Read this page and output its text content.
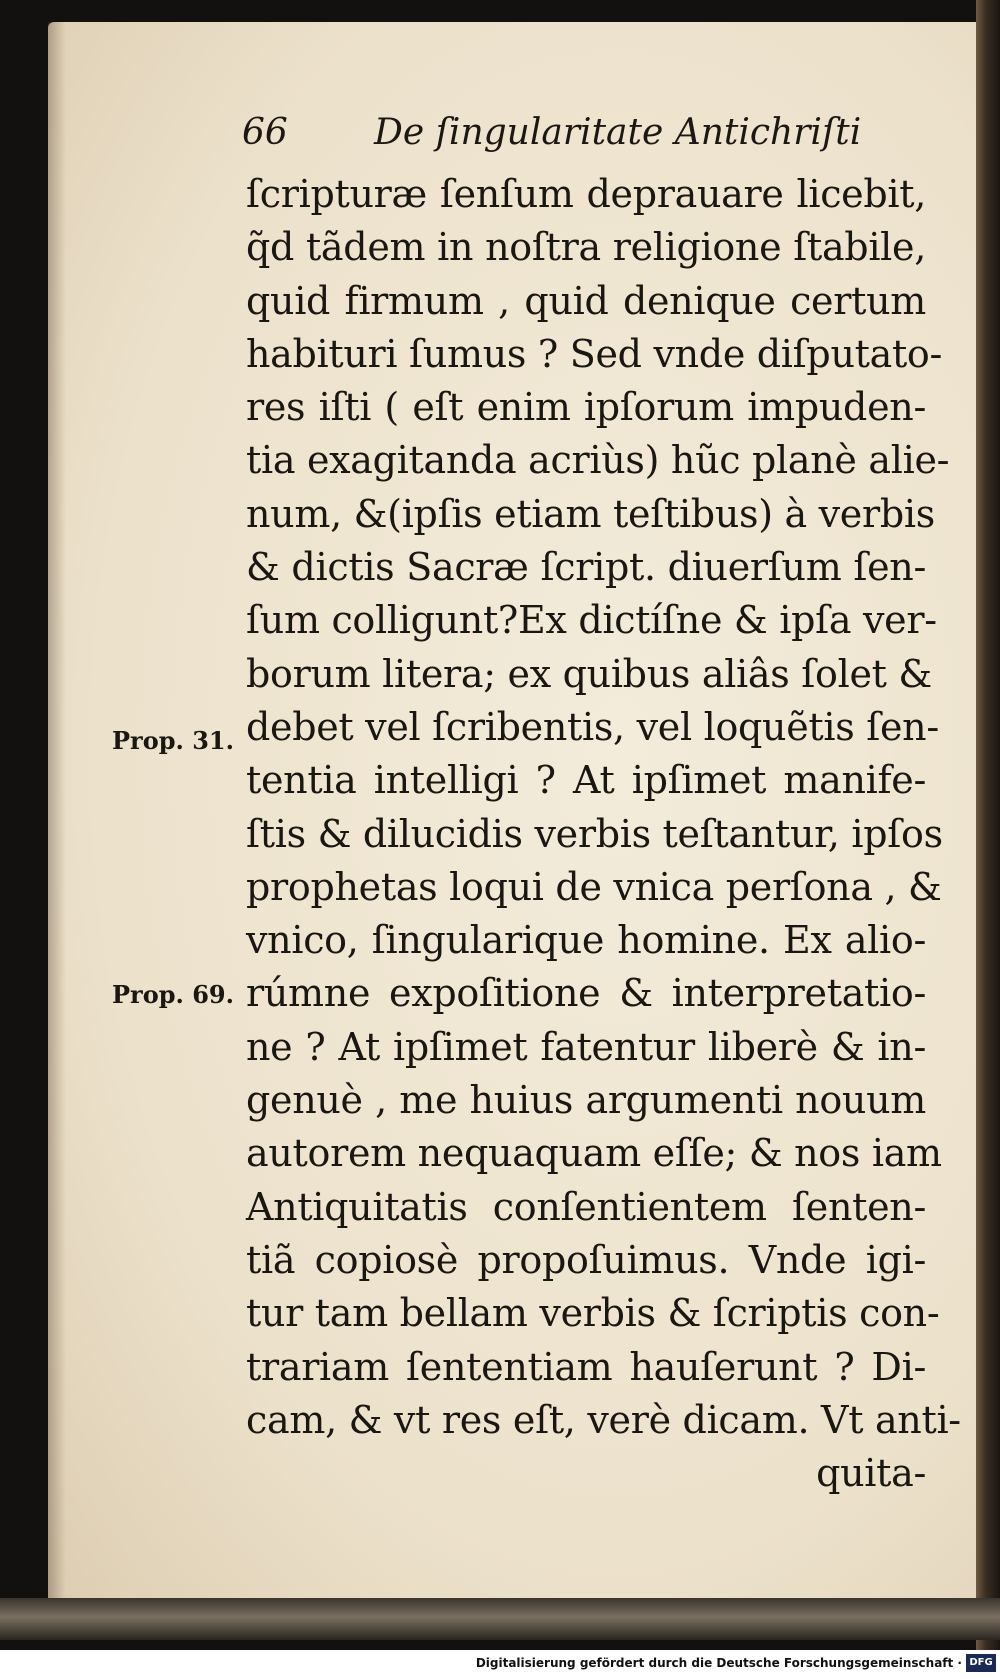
66 De ſingularitate Antichriſti
ſcripturæ ſenſum deprauare licebit,
q̃d tãdem in noſtra religione ſtabile,
quid firmum , quid denique certum
habituri ſumus ? Sed vnde diſputato-
res iſti ( eſt enim ipſorum impuden-
tia exagitanda acriùs) hũc planè alie-
num, &(ipſis etiam teſtibus) à verbis
& dictis Sacræ ſcript. diuerſum ſen-
ſum colligunt?Ex dictíſne & ipſa ver-
borum litera; ex quibus aliâs ſolet &
debet vel ſcribentis, vel loquẽtis ſen-
tentia intelligi ? At ipſimet manife-
ſtis & dilucidis verbis teſtantur, ipſos
prophetas loqui de vnica perſona , &
vnico, ſingularique homine. Ex alio-
rúmne expoſitione & interpretatio-
ne ? At ipſimet fatentur liberè & in-
genuè , me huius argumenti nouum
autorem nequaquam eſſe; & nos iam
Antiquitatis conſentientem ſenten-
tiã copiosè propoſuimus. Vnde igi-
tur tam bellam verbis & ſcriptis con-
trariam ſententiam hauſerunt ? Di-
cam, & vt res eſt, verè dicam. Vt anti-
quita-
Prop. 31.
Prop. 69.
Digitalisierung gefördert durch die Deutsche Forschungsgemeinschaft · DFG
